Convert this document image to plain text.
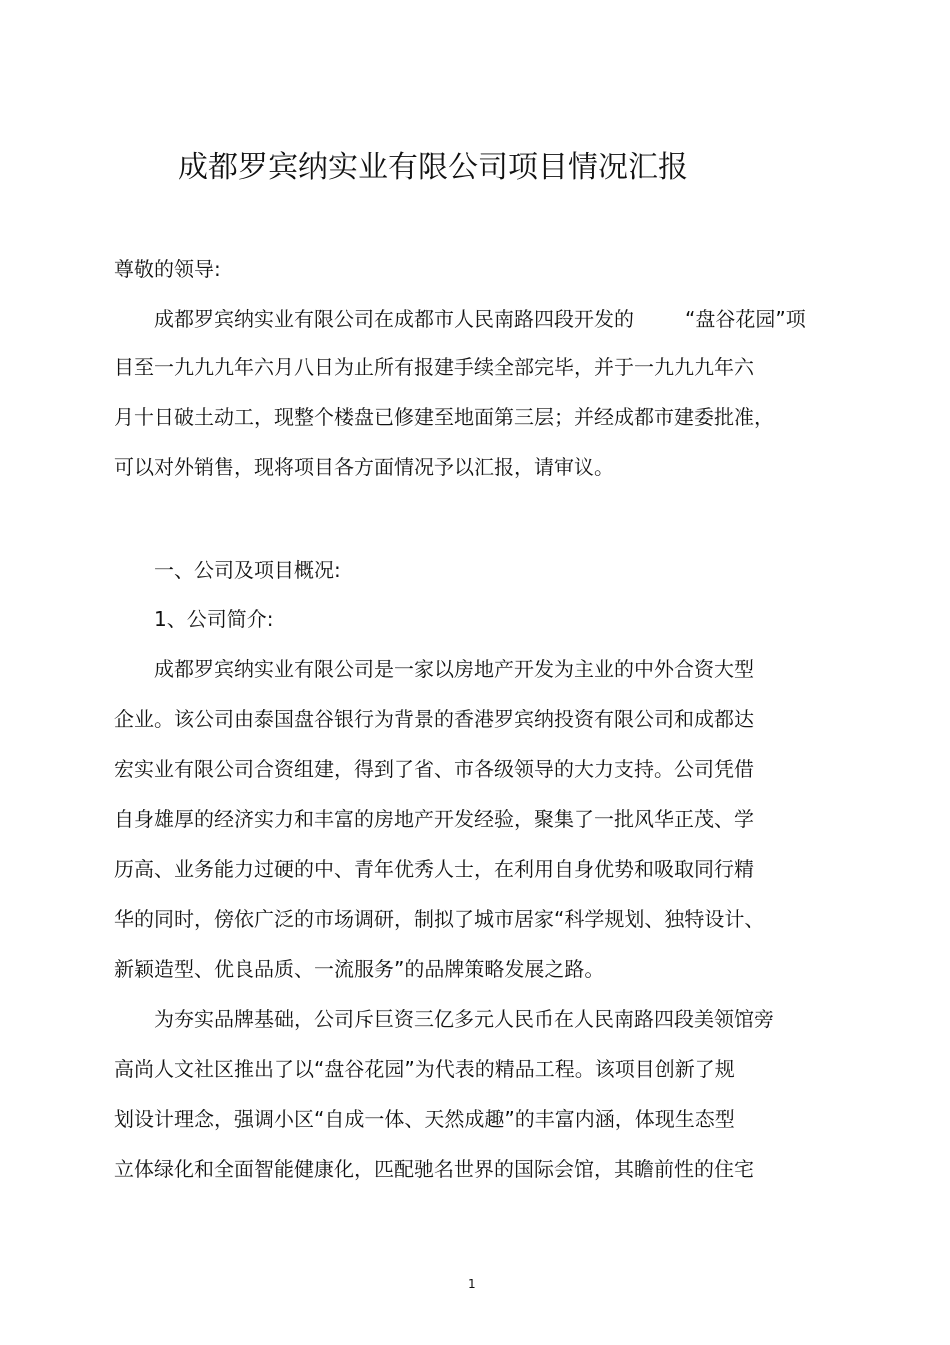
成都罗宾纳实业有限公司项目情况汇报
尊敬的领导:
成都罗宾纳实业有限公司在成都市人民南路四段开发的	“盘谷花园”项
目至一九九九年六月八日为止所有报建手续全部完毕，并于一九九九年六
月十日破土动工，现整个楼盘已修建至地面第三层；并经成都市建委批准，
可以对外销售，现将项目各方面情况予以汇报，请审议。
一、公司及项目概况:
1、公司简介:
成都罗宾纳实业有限公司是一家以房地产开发为主业的中外合资大型
企业。该公司由泰国盘谷银行为背景的香港罗宾纳投资有限公司和成都达
宏实业有限公司合资组建，得到了省、市各级领导的大力支持。公司凭借
自身雄厚的经济实力和丰富的房地产开发经验，聚集了一批风华正茂、学
历高、业务能力过硬的中、青年优秀人士，在利用自身优势和吸取同行精
华的同时，傍依广泛的市场调研，制拟了城市居家“科学规划、独特设计、
新颖造型、优良品质、一流服务”的品牌策略发展之路。
为夯实品牌基础，公司斥巨资三亿多元人民币在人民南路四段美领馆旁
高尚人文社区推出了以“盘谷花园”为代表的精品工程。该项目创新了规
划设计理念，强调小区“自成一体、天然成趣”的丰富内涵，体现生态型
立体绿化和全面智能健康化，匹配驰名世界的国际会馆，其瞻前性的住宅
1
